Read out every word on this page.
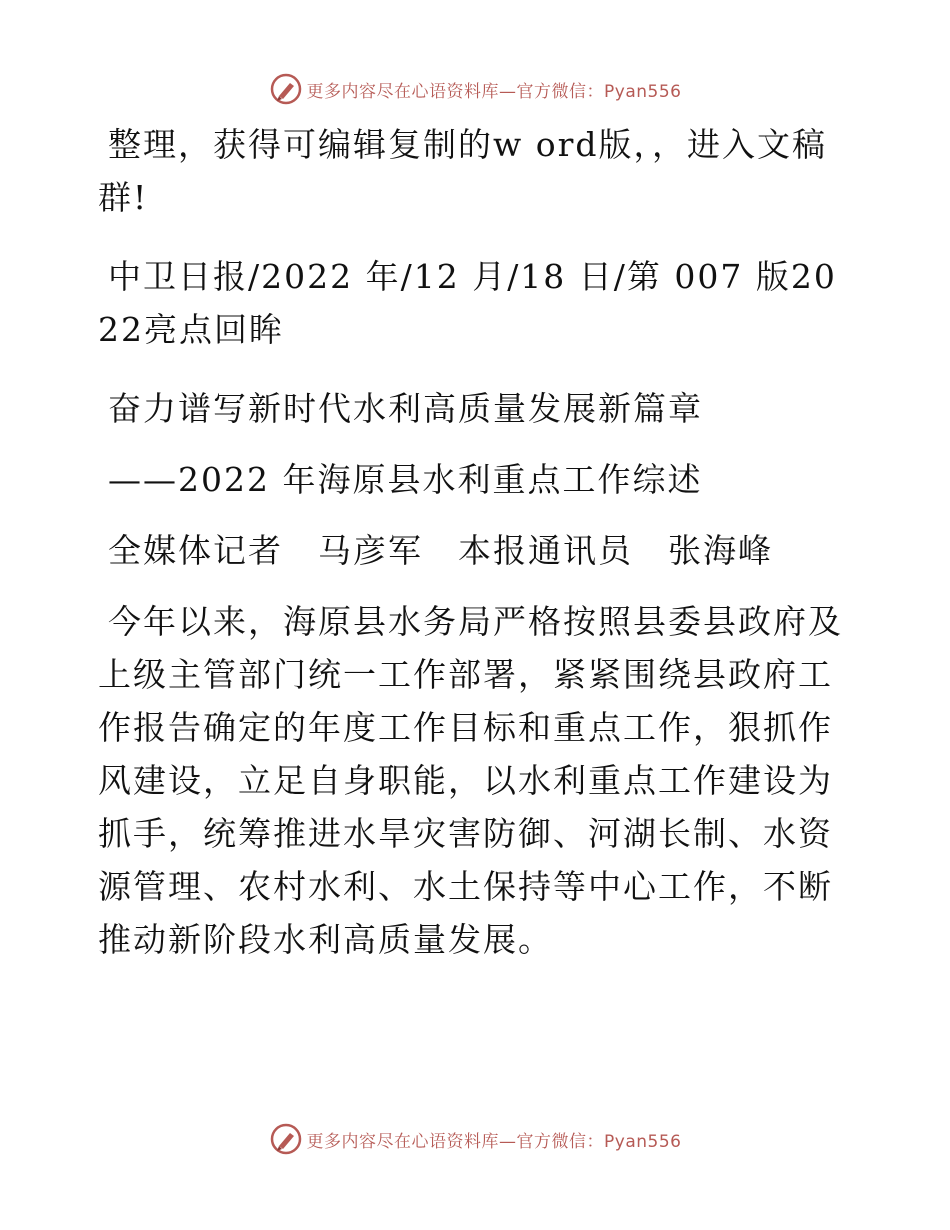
更多内容尽在心语资料库—官方微信：Pyan556

整理，获得可编辑复制的w ord版，，进入文稿群!

中卫日报/2022 年/12 月/18 日/第 007 版2022亮点回眸

奋力谱写新时代水利高质量发展新篇章

——2022 年海原县水利重点工作综述

全媒体记者　马彦军　本报通讯员　张海峰

今年以来，海原县水务局严格按照县委县政府及上级主管部门统一工作部署，紧紧围绕县政府工作报告确定的年度工作目标和重点工作，狠抓作风建设，立足自身职能，以水利重点工作建设为抓手，统筹推进水旱灾害防御、河湖长制、水资源管理、农村水利、水土保持等中心工作，不断推动新阶段水利高质量发展。

更多内容尽在心语资料库—官方微信：Pyan556
